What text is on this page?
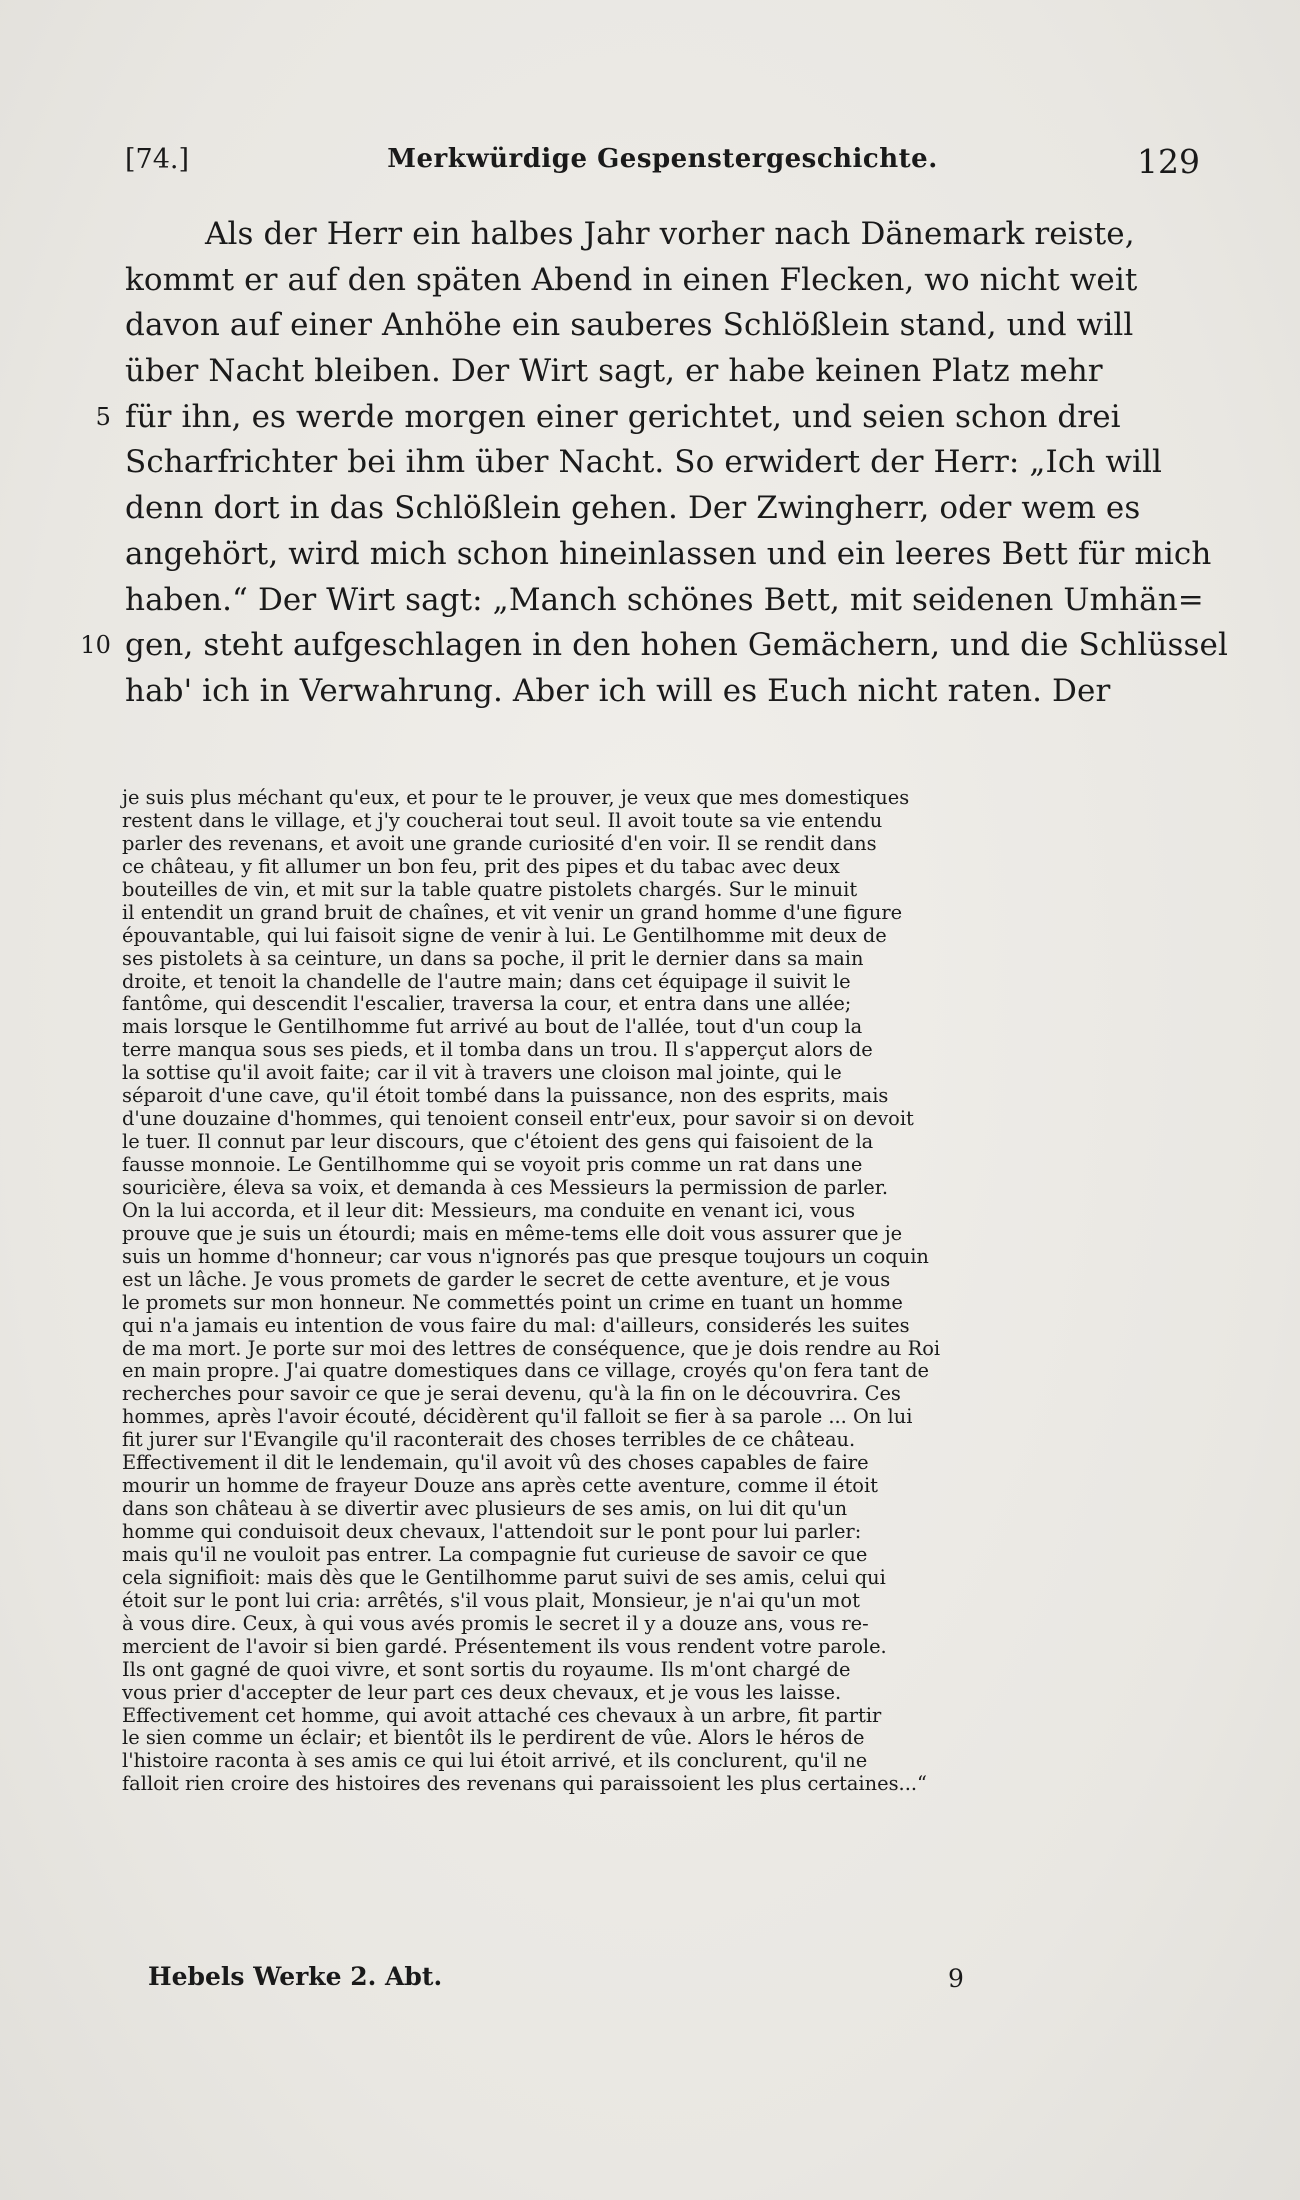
[74.]	Merkwürdige Gespenstergeschichte.	129
Als der Herr ein halbes Jahr vorher nach Dänemark reiste,
kommt er auf den späten Abend in einen Flecken, wo nicht weit
davon auf einer Anhöhe ein sauberes Schlößlein stand, und will
über Nacht bleiben. Der Wirt sagt, er habe keinen Platz mehr
5 für ihn, es werde morgen einer gerichtet, und seien schon drei
Scharfrichter bei ihm über Nacht. So erwidert der Herr: „Ich will
denn dort in das Schlößlein gehen. Der Zwingherr, oder wem es
angehört, wird mich schon hineinlassen und ein leeres Bett für mich
haben.“ Der Wirt sagt: „Manch schönes Bett, mit seidenen Umhän=
10 gen, steht aufgeschlagen in den hohen Gemächern, und die Schlüssel
hab' ich in Verwahrung. Aber ich will es Euch nicht raten. Der
je suis plus méchant qu'eux, et pour te le prouver, je veux que mes domestiques
restent dans le village, et j'y coucherai tout seul. Il avoit toute sa vie entendu
parler des revenans, et avoit une grande curiosité d'en voir. Il se rendit dans
ce château, y fit allumer un bon feu, prit des pipes et du tabac avec deux
bouteilles de vin, et mit sur la table quatre pistolets chargés. Sur le minuit
il entendit un grand bruit de chaînes, et vit venir un grand homme d'une figure
épouvantable, qui lui faisoit signe de venir à lui. Le Gentilhomme mit deux de
ses pistolets à sa ceinture, un dans sa poche, il prit le dernier dans sa main
droite, et tenoit la chandelle de l'autre main; dans cet équipage il suivit le
fantôme, qui descendit l'escalier, traversa la cour, et entra dans une allée;
mais lorsque le Gentilhomme fut arrivé au bout de l'allée, tout d'un coup la
terre manqua sous ses pieds, et il tomba dans un trou. Il s'apperçut alors de
la sottise qu'il avoit faite; car il vit à travers une cloison mal jointe, qui le
séparoit d'une cave, qu'il étoit tombé dans la puissance, non des esprits, mais
d'une douzaine d'hommes, qui tenoient conseil entr'eux, pour savoir si on devoit
le tuer. Il connut par leur discours, que c'étoient des gens qui faisoient de la
fausse monnoie. Le Gentilhomme qui se voyoit pris comme un rat dans une
souricière, éleva sa voix, et demanda à ces Messieurs la permission de parler.
On la lui accorda, et il leur dit: Messieurs, ma conduite en venant ici, vous
prouve que je suis un étourdi; mais en même-tems elle doit vous assurer que je
suis un homme d'honneur; car vous n'ignorés pas que presque toujours un coquin
est un lâche. Je vous promets de garder le secret de cette aventure, et je vous
le promets sur mon honneur. Ne commettés point un crime en tuant un homme
qui n'a jamais eu intention de vous faire du mal: d'ailleurs, considerés les suites
de ma mort. Je porte sur moi des lettres de conséquence, que je dois rendre au Roi
en main propre. J'ai quatre domestiques dans ce village, croyés qu'on fera tant de
recherches pour savoir ce que je serai devenu, qu'à la fin on le découvrira. Ces
hommes, après l'avoir écouté, décidèrent qu'il falloit se fier à sa parole ... On lui
fit jurer sur l'Evangile qu'il raconterait des choses terribles de ce château.
Effectivement il dit le lendemain, qu'il avoit vû des choses capables de faire
mourir un homme de frayeur Douze ans après cette aventure, comme il étoit
dans son château à se divertir avec plusieurs de ses amis, on lui dit qu'un
homme qui conduisoit deux chevaux, l'attendoit sur le pont pour lui parler:
mais qu'il ne vouloit pas entrer. La compagnie fut curieuse de savoir ce que
cela signifioit: mais dès que le Gentilhomme parut suivi de ses amis, celui qui
étoit sur le pont lui cria: arrêtés, s'il vous plait, Monsieur, je n'ai qu'un mot
à vous dire. Ceux, à qui vous avés promis le secret il y a douze ans, vous re-
mercient de l'avoir si bien gardé. Présentement ils vous rendent votre parole.
Ils ont gagné de quoi vivre, et sont sortis du royaume. Ils m'ont chargé de
vous prier d'accepter de leur part ces deux chevaux, et je vous les laisse.
Effectivement cet homme, qui avoit attaché ces chevaux à un arbre, fit partir
le sien comme un éclair; et bientôt ils le perdirent de vûe. Alors le héros de
l'histoire raconta à ses amis ce qui lui étoit arrivé, et ils conclurent, qu'il ne
falloit rien croire des histoires des revenans qui paraissoient les plus certaines...“
Hebels Werke 2. Abt.	9
